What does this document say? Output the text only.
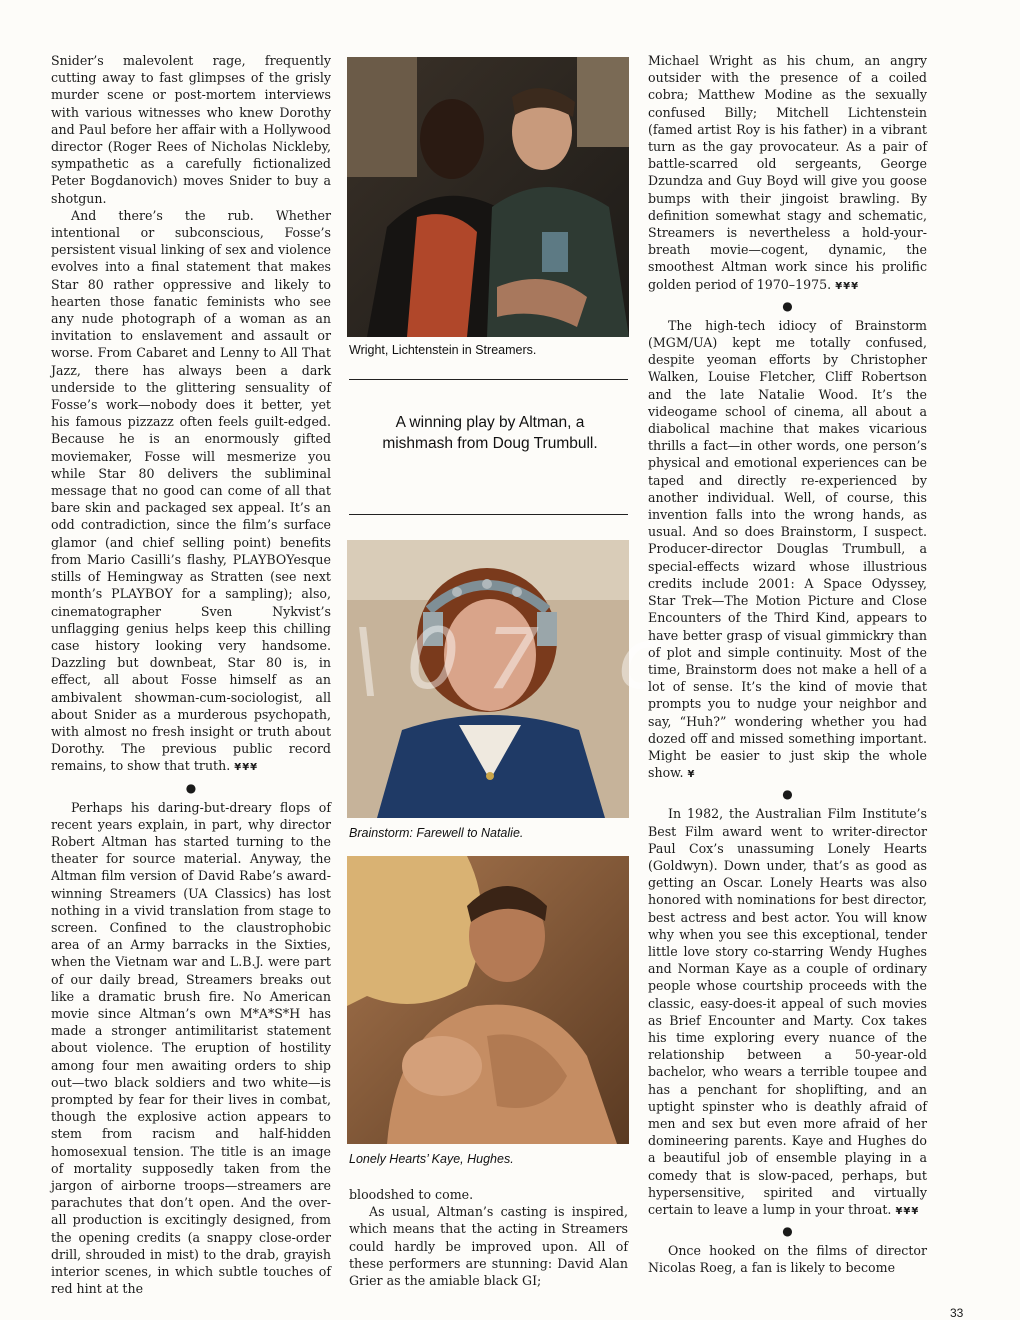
Snider’s malevolent rage, frequently cutting away to fast glimpses of the grisly murder scene or post-mortem interviews with various witnesses who knew Dorothy and Paul before her affair with a Hollywood director (Roger Rees of Nicholas Nickleby, sympathetic as a carefully fictionalized Peter Bogdanovich) moves Snider to buy a shotgun.

And there’s the rub. Whether intentional or subconscious, Fosse’s persistent visual linking of sex and violence evolves into a final statement that makes Star 80 rather oppressive and likely to hearten those fanatic feminists who see any nude photograph of a woman as an invitation to enslavement and assault or worse. From Cabaret and Lenny to All That Jazz, there has always been a dark underside to the glittering sensuality of Fosse’s work—nobody does it better, yet his famous pizzazz often feels guilt-edged. Because he is an enormously gifted moviemaker, Fosse will mesmerize you while Star 80 delivers the subliminal message that no good can come of all that bare skin and packaged sex appeal. It’s an odd contradiction, since the film’s surface glamor (and chief selling point) benefits from Mario Casilli’s flashy, PLAYBOYesque stills of Hemingway as Stratten (see next month’s PLAYBOY for a sampling); also, cinematographer Sven Nykvist’s unflagging genius helps keep this chilling case history looking very handsome. Dazzling but downbeat, Star 80 is, in effect, all about Fosse himself as an ambivalent showman-cum-sociologist, all about Snider as a murderous psychopath, with almost no fresh insight or truth about Dorothy. The previous public record remains, to show that truth. ¥¥¥

●

Perhaps his daring-but-dreary flops of recent years explain, in part, why director Robert Altman has started turning to the theater for source material. Anyway, the Altman film version of David Rabe’s award-winning Streamers (UA Classics) has lost nothing in a vivid translation from stage to screen. Confined to the claustrophobic area of an Army barracks in the Sixties, when the Vietnam war and L.B.J. were part of our daily bread, Streamers breaks out like a dramatic brush fire. No American movie since Altman’s own M*A*S*H has made a stronger antimilitarist statement about violence. The eruption of hostility among four men awaiting orders to ship out—two black soldiers and two white—is prompted by fear for their lives in combat, though the explosive action appears to stem from racism and half-hidden homosexual tension. The title is an image of mortality supposedly taken from the jargon of airborne troops—streamers are parachutes that don’t open. And the over-all production is excitingly designed, from the opening credits (a snappy close-order drill, shrouded in mist) to the drab, grayish interior scenes, in which subtle touches of red hint at the

Wright, Lichtenstein in Streamers.
A winning play by Altman, a mishmash from Doug Trumbull.
\07 c
Brainstorm: Farewell to Natalie.
Lonely Hearts’ Kaye, Hughes.

bloodshed to come.

As usual, Altman’s casting is inspired, which means that the acting in Streamers could hardly be improved upon. All of these performers are stunning: David Alan Grier as the amiable black GI;

Michael Wright as his chum, an angry outsider with the presence of a coiled cobra; Matthew Modine as the sexually confused Billy; Mitchell Lichtenstein (famed artist Roy is his father) in a vibrant turn as the gay provocateur. As a pair of battle-scarred old sergeants, George Dzundza and Guy Boyd will give you goose bumps with their jingoist brawling. By definition somewhat stagy and schematic, Streamers is nevertheless a hold-your-breath movie—cogent, dynamic, the smoothest Altman work since his prolific golden period of 1970–1975. ¥¥¥

●

The high-tech idiocy of Brainstorm (MGM/UA) kept me totally confused, despite yeoman efforts by Christopher Walken, Louise Fletcher, Cliff Robertson and the late Natalie Wood. It’s the videogame school of cinema, all about a diabolical machine that makes vicarious thrills a fact—in other words, one person’s physical and emotional experiences can be taped and directly re-experienced by another individual. Well, of course, this invention falls into the wrong hands, as usual. And so does Brainstorm, I suspect. Producer-director Douglas Trumbull, a special-effects wizard whose illustrious credits include 2001: A Space Odyssey, Star Trek—The Motion Picture and Close Encounters of the Third Kind, appears to have better grasp of visual gimmickry than of plot and simple continuity. Most of the time, Brainstorm does not make a hell of a lot of sense. It’s the kind of movie that prompts you to nudge your neighbor and say, “Huh?” wondering whether you had dozed off and missed something important. Might be easier to just skip the whole show. ¥

●

In 1982, the Australian Film Institute’s Best Film award went to writer-director Paul Cox’s unassuming Lonely Hearts (Goldwyn). Down under, that’s as good as getting an Oscar. Lonely Hearts was also honored with nominations for best director, best actress and best actor. You will know why when you see this exceptional, tender little love story co-starring Wendy Hughes and Norman Kaye as a couple of ordinary people whose courtship proceeds with the classic, easy-does-it appeal of such movies as Brief Encounter and Marty. Cox takes his time exploring every nuance of the relationship between a 50-year-old bachelor, who wears a terrible toupee and has a penchant for shoplifting, and an uptight spinster who is deathly afraid of men and sex but even more afraid of her domineering parents. Kaye and Hughes do a beautiful job of ensemble playing in a comedy that is slow-paced, perhaps, but hypersensitive, spirited and virtually certain to leave a lump in your throat. ¥¥¥

●

Once hooked on the films of director Nicolas Roeg, a fan is likely to become

33
